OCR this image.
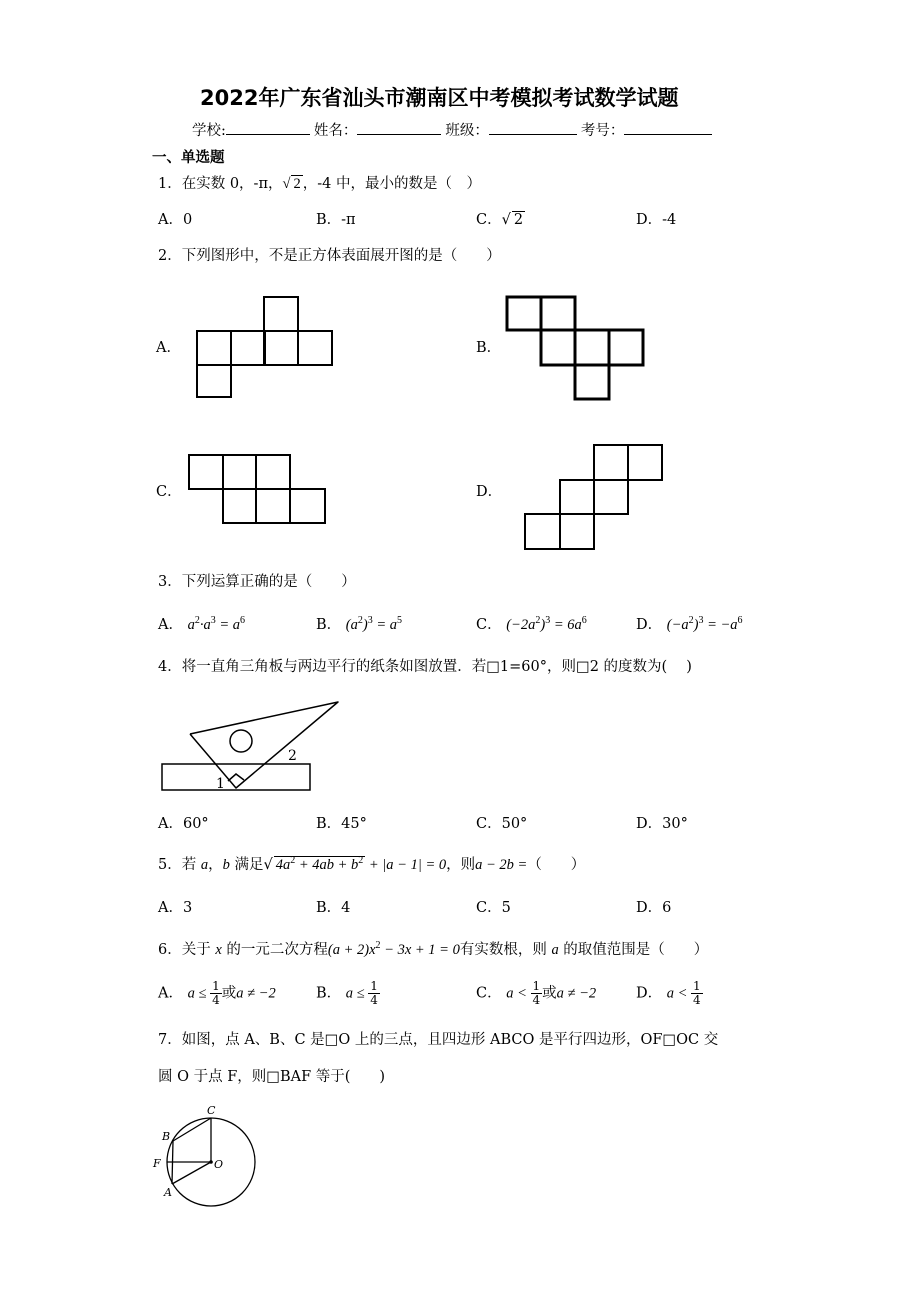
2022年广东省汕头市潮南区中考模拟考试数学试题
学校:	姓名：	班级：	考号：
一、单选题
1．在实数 0，-π，√ 2 ，-4 中，最小的数是（　）
A．0	B．-π	C．√ 2	D．-4
2．下列图形中，不是正方体表面展开图的是（　　）
A．	B．
C．	D．
3．下列运算正确的是（　　）
A． $a^2\cdot a^3 = a^6$	B． $(a^2)^3 = a^5$	C． $(-2a^2)^3 = 6a^6$	D． $(-a^2)^3 = -a^6$
4．将一直角三角板与两边平行的纸条如图放置．若□1=60°，则□2 的度数为(　 )
1
2
A．60°	B．45°	C．50°	D．30°
5．若 a，b 满足√ $4a^2 + 4ab + b^2 + |a - 1| = 0$，则a − 2b =（　　）
A．3	B．4	C．5	D．6
6．关于 x 的一元二次方程$(a + 2)x^2 - 3x + 1 = 0$有实数根，则 a 的取值范围是（　　）
A． $a \le \frac{1}{4}$ 或a ≠ −2	B． $a \le \frac{1}{4}$	C． $a < \frac{1}{4}$ 或a ≠ −2	D． $a < \frac{1}{4}$
7．如图，点 A、B、C 是□O 上的三点，且四边形 ABCO 是平行四边形，OF□OC 交
圆 O 于点 F，则□BAF 等于(　　)
C
B
F	O
A
